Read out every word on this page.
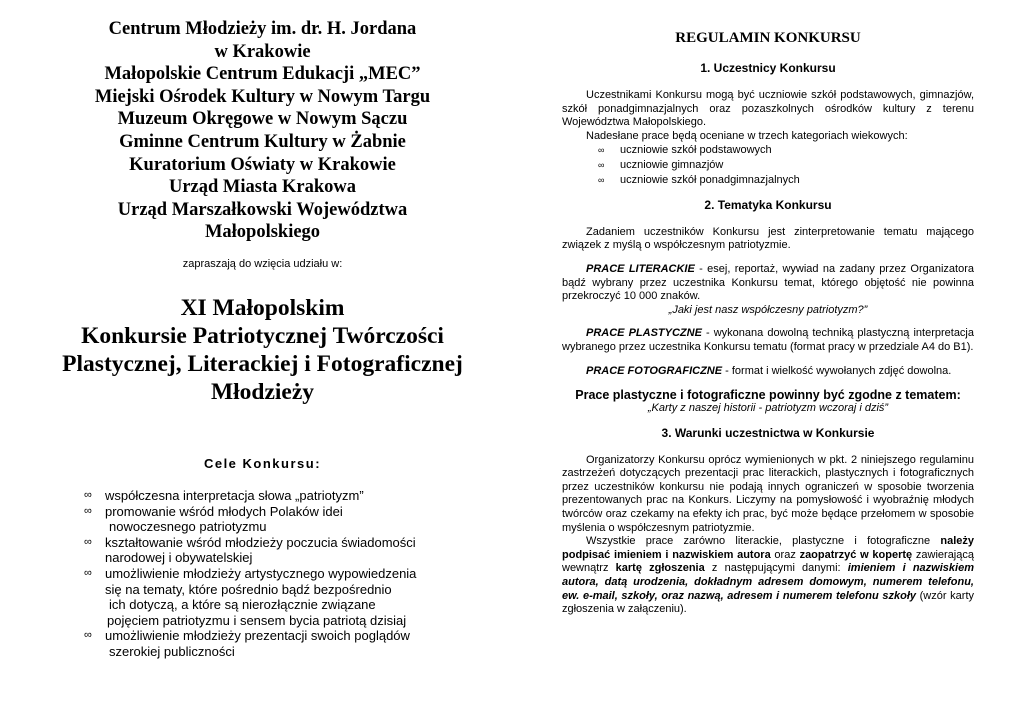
Centrum Młodzieży im. dr. H. Jordana

w Krakowie

Małopolskie Centrum Edukacji „MEC”

Miejski Ośrodek Kultury w Nowym Targu

Muzeum Okręgowe w Nowym Sączu

Gminne Centrum Kultury w Żabnie

Kuratorium Oświaty w Krakowie

Urząd Miasta Krakowa

Urząd Marszałkowski Województwa

Małopolskiego

zapraszają do wzięcia udziału w:

XI Małopolskim

Konkursie Patriotycznej Twórczości

Plastycznej, Literackiej i Fotograficznej

Młodzieży

Cele Konkursu:

∞ współczesna interpretacja słowa „patriotyzm”
∞ promowanie wśród młodych Polaków idei
nowoczesnego patriotyzmu
∞ kształtowanie wśród młodzieży poczucia świadomości
narodowej i obywatelskiej
∞ umożliwienie młodzieży artystycznego wypowiedzenia
się na tematy, które pośrednio bądź bezpośrednio
ich dotyczą, a które są nierozłącznie związane
pojęciem patriotyzmu i sensem bycia patriotą dzisiaj
∞ umożliwienie młodzieży prezentacji swoich poglądów
szerokiej publiczności

REGULAMIN KONKURSU

1. Uczestnicy Konkursu

Uczestnikami Konkursu mogą być uczniowie szkół podstawowych, gimnazjów, szkół ponadgimnazjalnych oraz pozaszkolnych ośrodków kultury z terenu Województwa Małopolskiego.

Nadesłane prace będą oceniane w trzech kategoriach wiekowych:

∞ uczniowie szkół podstawowych
∞ uczniowie gimnazjów
∞ uczniowie szkół ponadgimnazjalnych

2. Tematyka Konkursu

Zadaniem uczestników Konkursu jest zinterpretowanie tematu mającego związek z myślą o współczesnym patriotyzmie.

PRACE LITERACKIE - esej, reportaż, wywiad na zadany przez Organizatora bądź wybrany przez uczestnika Konkursu temat, którego objętość nie powinna przekroczyć 10 000 znaków.

„Jaki jest nasz współczesny patriotyzm?”

PRACE PLASTYCZNE - wykonana dowolną techniką plastyczną interpretacja wybranego przez uczestnika Konkursu tematu (format pracy w przedziale A4 do B1).

PRACE FOTOGRAFICZNE - format i wielkość wywołanych zdjęć dowolna.

Prace plastyczne i fotograficzne powinny być zgodne z tematem:

„Karty z naszej historii - patriotyzm wczoraj i dziś”

3. Warunki uczestnictwa w Konkursie

Organizatorzy Konkursu oprócz wymienionych w pkt. 2 niniejszego regulaminu zastrzeżeń dotyczących prezentacji prac literackich, plastycznych i fotograficznych przez uczestników konkursu nie podają innych ograniczeń w sposobie tworzenia prezentowanych prac na Konkurs. Liczymy na pomysłowość i wyobraźnię młodych twórców oraz czekamy na efekty ich prac, być może będące przełomem w sposobie myślenia o współczesnym patriotyzmie.

Wszystkie prace zarówno literackie, plastyczne i fotograficzne należy podpisać imieniem i nazwiskiem autora oraz zaopatrzyć w kopertę zawierającą wewnątrz kartę zgłoszenia z następującymi danymi: imieniem i nazwiskiem autora, datą urodzenia, dokładnym adresem domowym, numerem telefonu, ew. e-mail, szkoły, oraz nazwą, adresem i numerem telefonu szkoły (wzór karty zgłoszenia w załączeniu).
